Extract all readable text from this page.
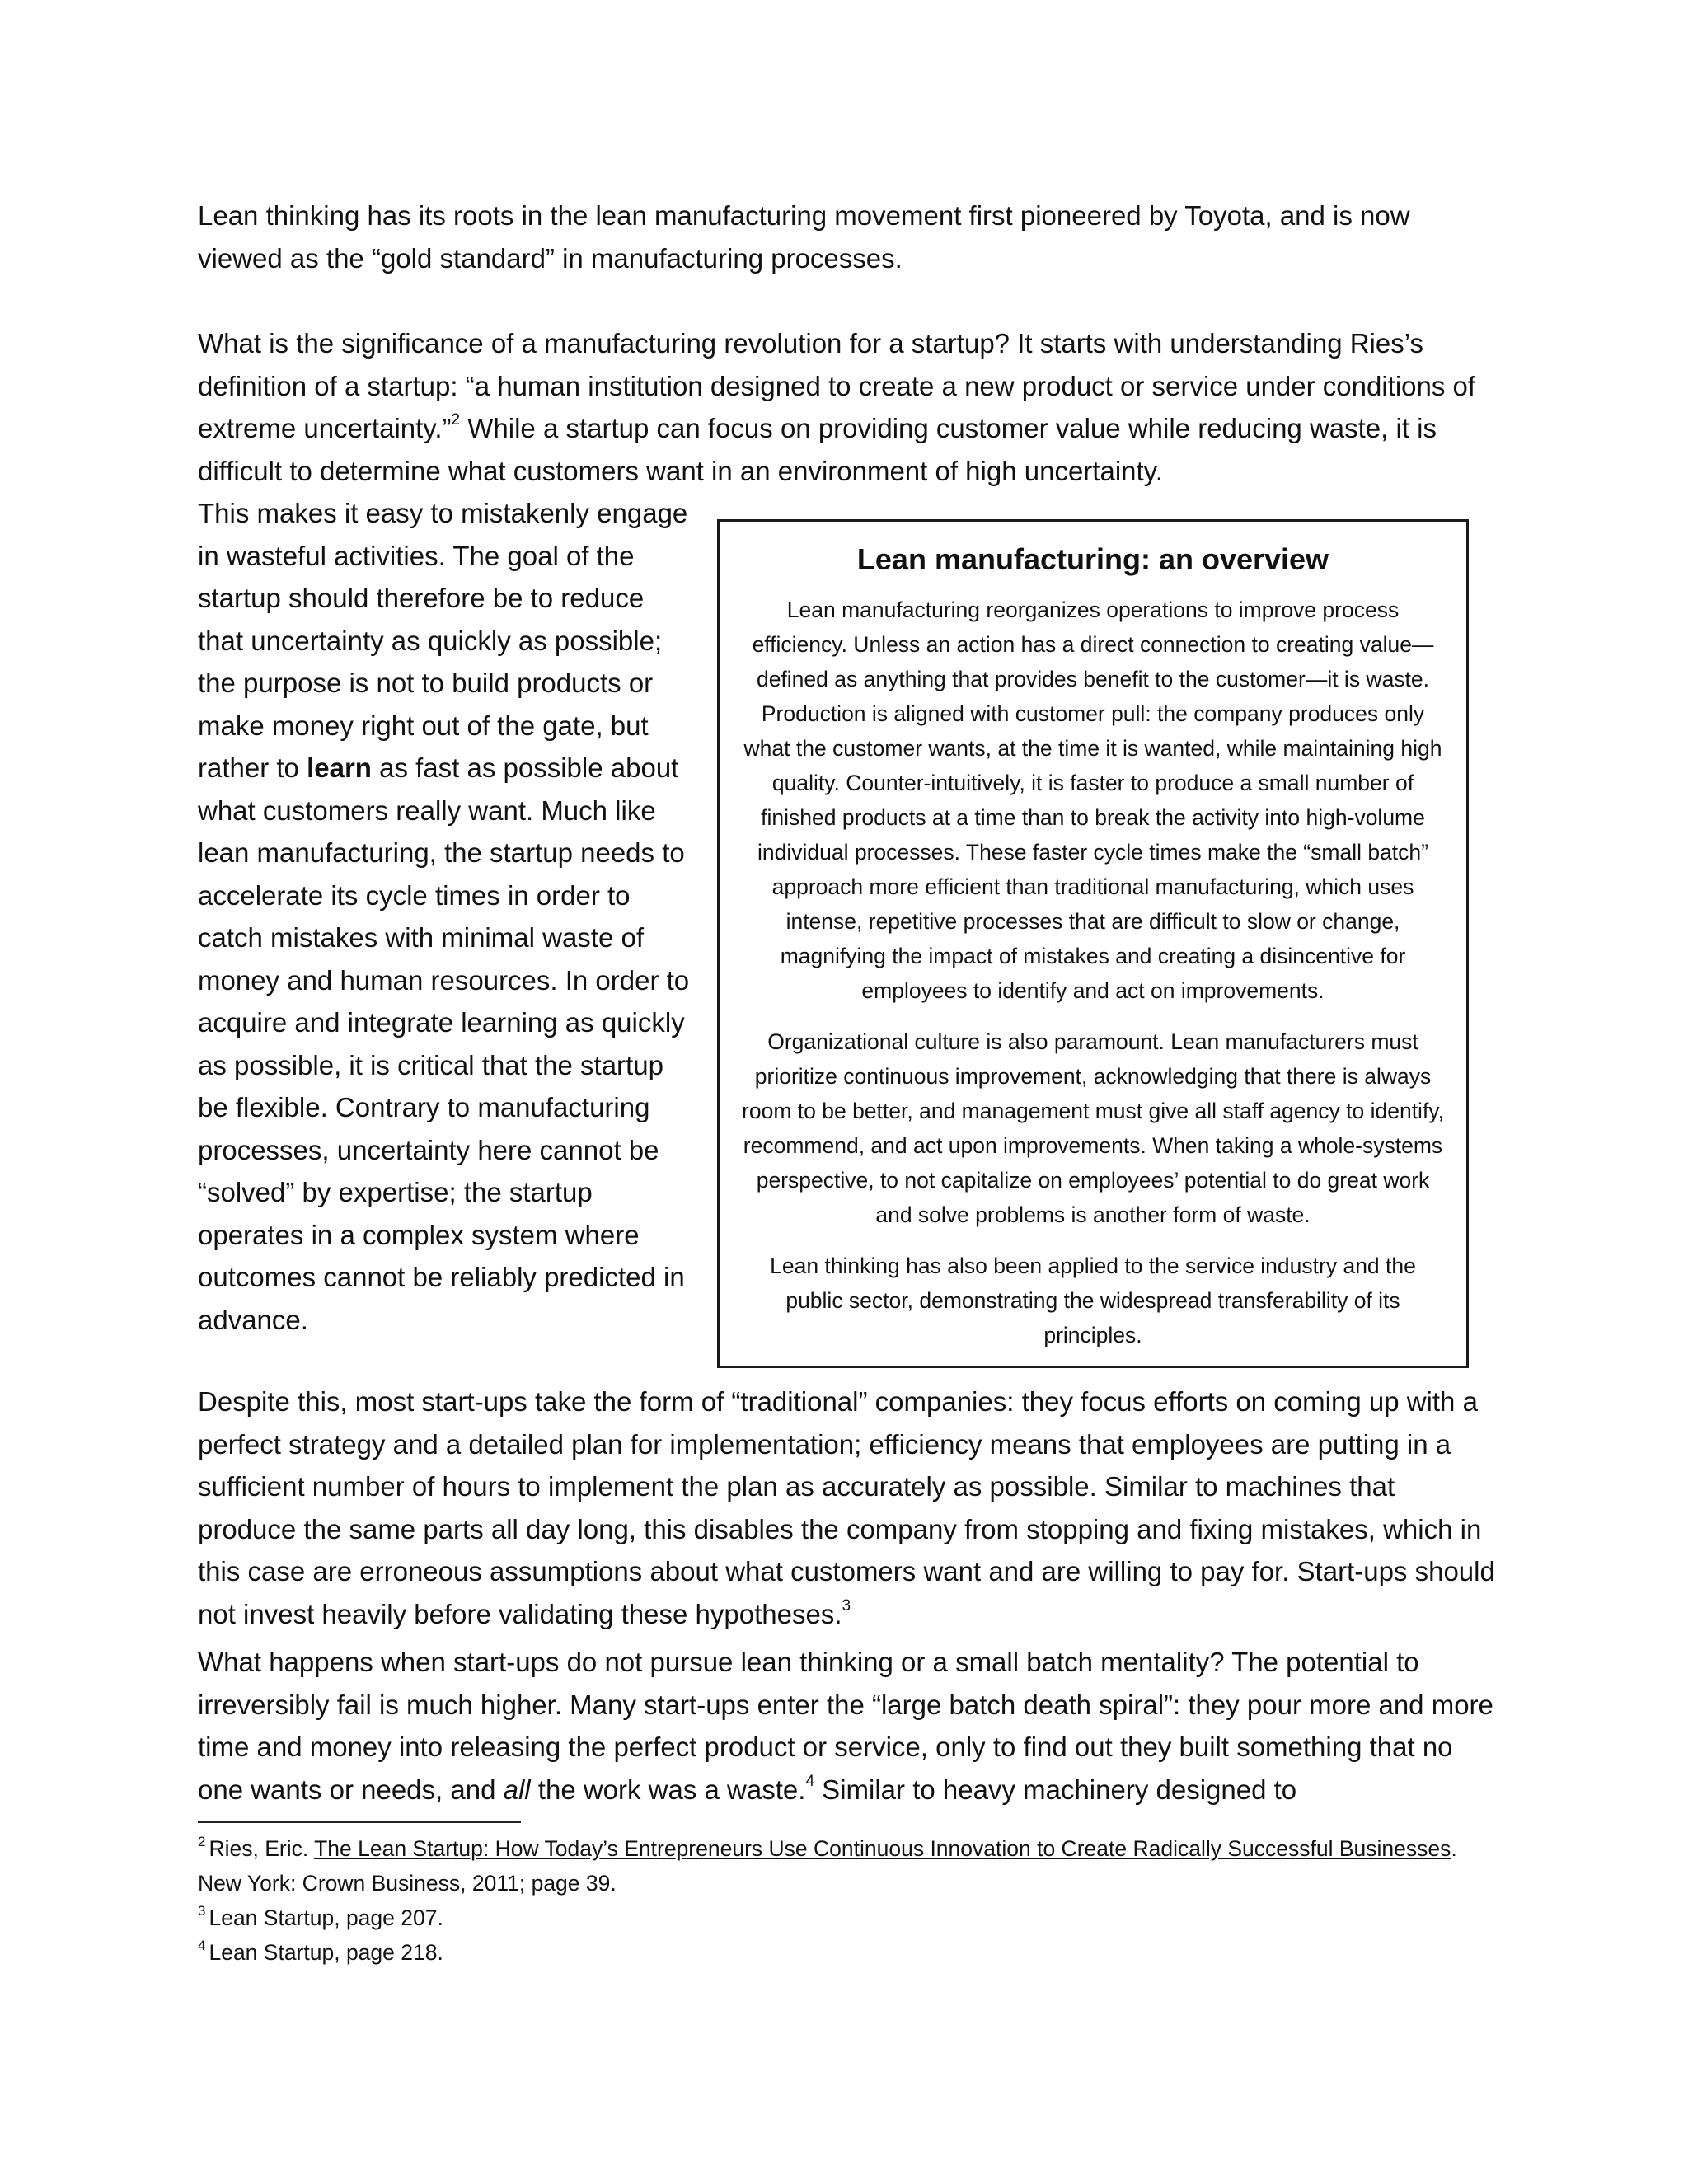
Lean thinking has its roots in the lean manufacturing movement first pioneered by Toyota, and is now viewed as the “gold standard” in manufacturing processes.

What is the significance of a manufacturing revolution for a startup? It starts with understanding Ries’s definition of a startup: “a human institution designed to create a new product or service under conditions of extreme uncertainty.”$^2$ While a startup can focus on providing customer value while reducing waste, it is difficult to determine what customers want in an environment of high uncertainty.

This makes it easy to mistakenly engage in wasteful activities. The goal of the startup should therefore be to reduce that uncertainty as quickly as possible; the purpose is not to build products or make money right out of the gate, but rather to learn as fast as possible about what customers really want. Much like lean manufacturing, the startup needs to accelerate its cycle times in order to catch mistakes with minimal waste of money and human resources. In order to acquire and integrate learning as quickly as possible, it is critical that the startup be flexible. Contrary to manufacturing processes, uncertainty here cannot be “solved” by expertise; the startup operates in a complex system where outcomes cannot be reliably predicted in advance.

Lean manufacturing: an overview

Lean manufacturing reorganizes operations to improve process efficiency. Unless an action has a direct connection to creating value—defined as anything that provides benefit to the customer—it is waste. Production is aligned with customer pull: the company produces only what the customer wants, at the time it is wanted, while maintaining high quality. Counter-intuitively, it is faster to produce a small number of finished products at a time than to break the activity into high-volume individual processes. These faster cycle times make the “small batch” approach more efficient than traditional manufacturing, which uses intense, repetitive processes that are difficult to slow or change, magnifying the impact of mistakes and creating a disincentive for employees to identify and act on improvements.

Organizational culture is also paramount. Lean manufacturers must prioritize continuous improvement, acknowledging that there is always room to be better, and management must give all staff agency to identify, recommend, and act upon improvements. When taking a whole-systems perspective, to not capitalize on employees’ potential to do great work and solve problems is another form of waste.

Lean thinking has also been applied to the service industry and the public sector, demonstrating the widespread transferability of its principles.

Despite this, most start-ups take the form of “traditional” companies: they focus efforts on coming up with a perfect strategy and a detailed plan for implementation; efficiency means that employees are putting in a sufficient number of hours to implement the plan as accurately as possible. Similar to machines that produce the same parts all day long, this disables the company from stopping and fixing mistakes, which in this case are erroneous assumptions about what customers want and are willing to pay for. Start-ups should not invest heavily before validating these hypotheses.$^3$

What happens when start-ups do not pursue lean thinking or a small batch mentality? The potential to irreversibly fail is much higher. Many start-ups enter the “large batch death spiral”: they pour more and more time and money into releasing the perfect product or service, only to find out they built something that no one wants or needs, and all the work was a waste.$^4$ Similar to heavy machinery designed to

$^2$ Ries, Eric. The Lean Startup: How Today’s Entrepreneurs Use Continuous Innovation to Create Radically Successful Businesses.
New York: Crown Business, 2011; page 39.

$^3$ Lean Startup, page 207.

$^4$ Lean Startup, page 218.
